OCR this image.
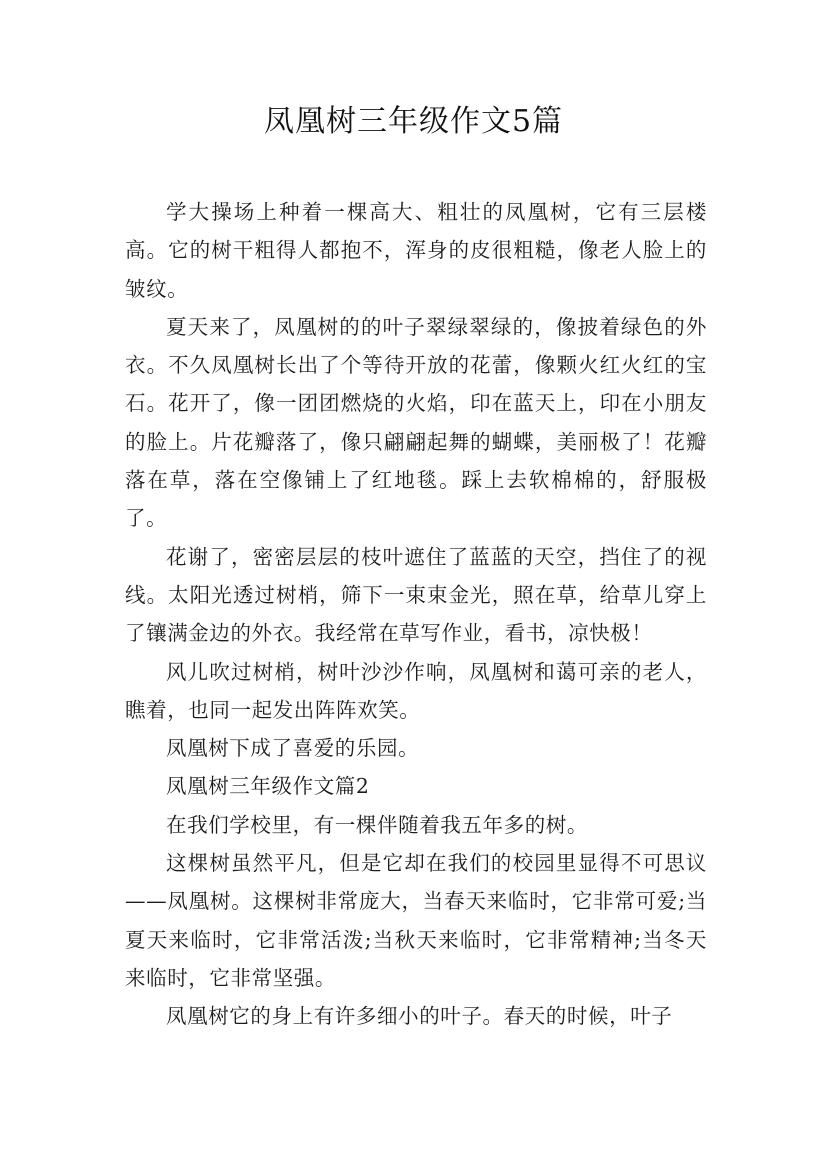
凤凰树三年级作文5篇

学大操场上种着一棵高大、粗壮的凤凰树，它有三层楼高。它的树干粗得人都抱不，浑身的皮很粗糙，像老人脸上的皱纹。

夏天来了，凤凰树的的叶子翠绿翠绿的，像披着绿色的外衣。不久凤凰树长出了个等待开放的花蕾，像颗火红火红的宝石。花开了，像一团团燃烧的火焰，印在蓝天上，印在小朋友的脸上。片花瓣落了，像只翩翩起舞的蝴蝶，美丽极了！花瓣落在草，落在空像铺上了红地毯。踩上去软棉棉的，舒服极了。

花谢了，密密层层的枝叶遮住了蓝蓝的天空，挡住了的视线。太阳光透过树梢，筛下一束束金光，照在草，给草儿穿上了镶满金边的外衣。我经常在草写作业，看书，凉快极！

风儿吹过树梢，树叶沙沙作响，凤凰树和蔼可亲的老人，瞧着，也同一起发出阵阵欢笑。

凤凰树下成了喜爱的乐园。

凤凰树三年级作文篇2

在我们学校里，有一棵伴随着我五年多的树。

这棵树虽然平凡，但是它却在我们的校园里显得不可思议——凤凰树。这棵树非常庞大，当春天来临时，它非常可爱;当夏天来临时，它非常活泼;当秋天来临时，它非常精神;当冬天来临时，它非常坚强。

凤凰树它的身上有许多细小的叶子。春天的时候，叶子
